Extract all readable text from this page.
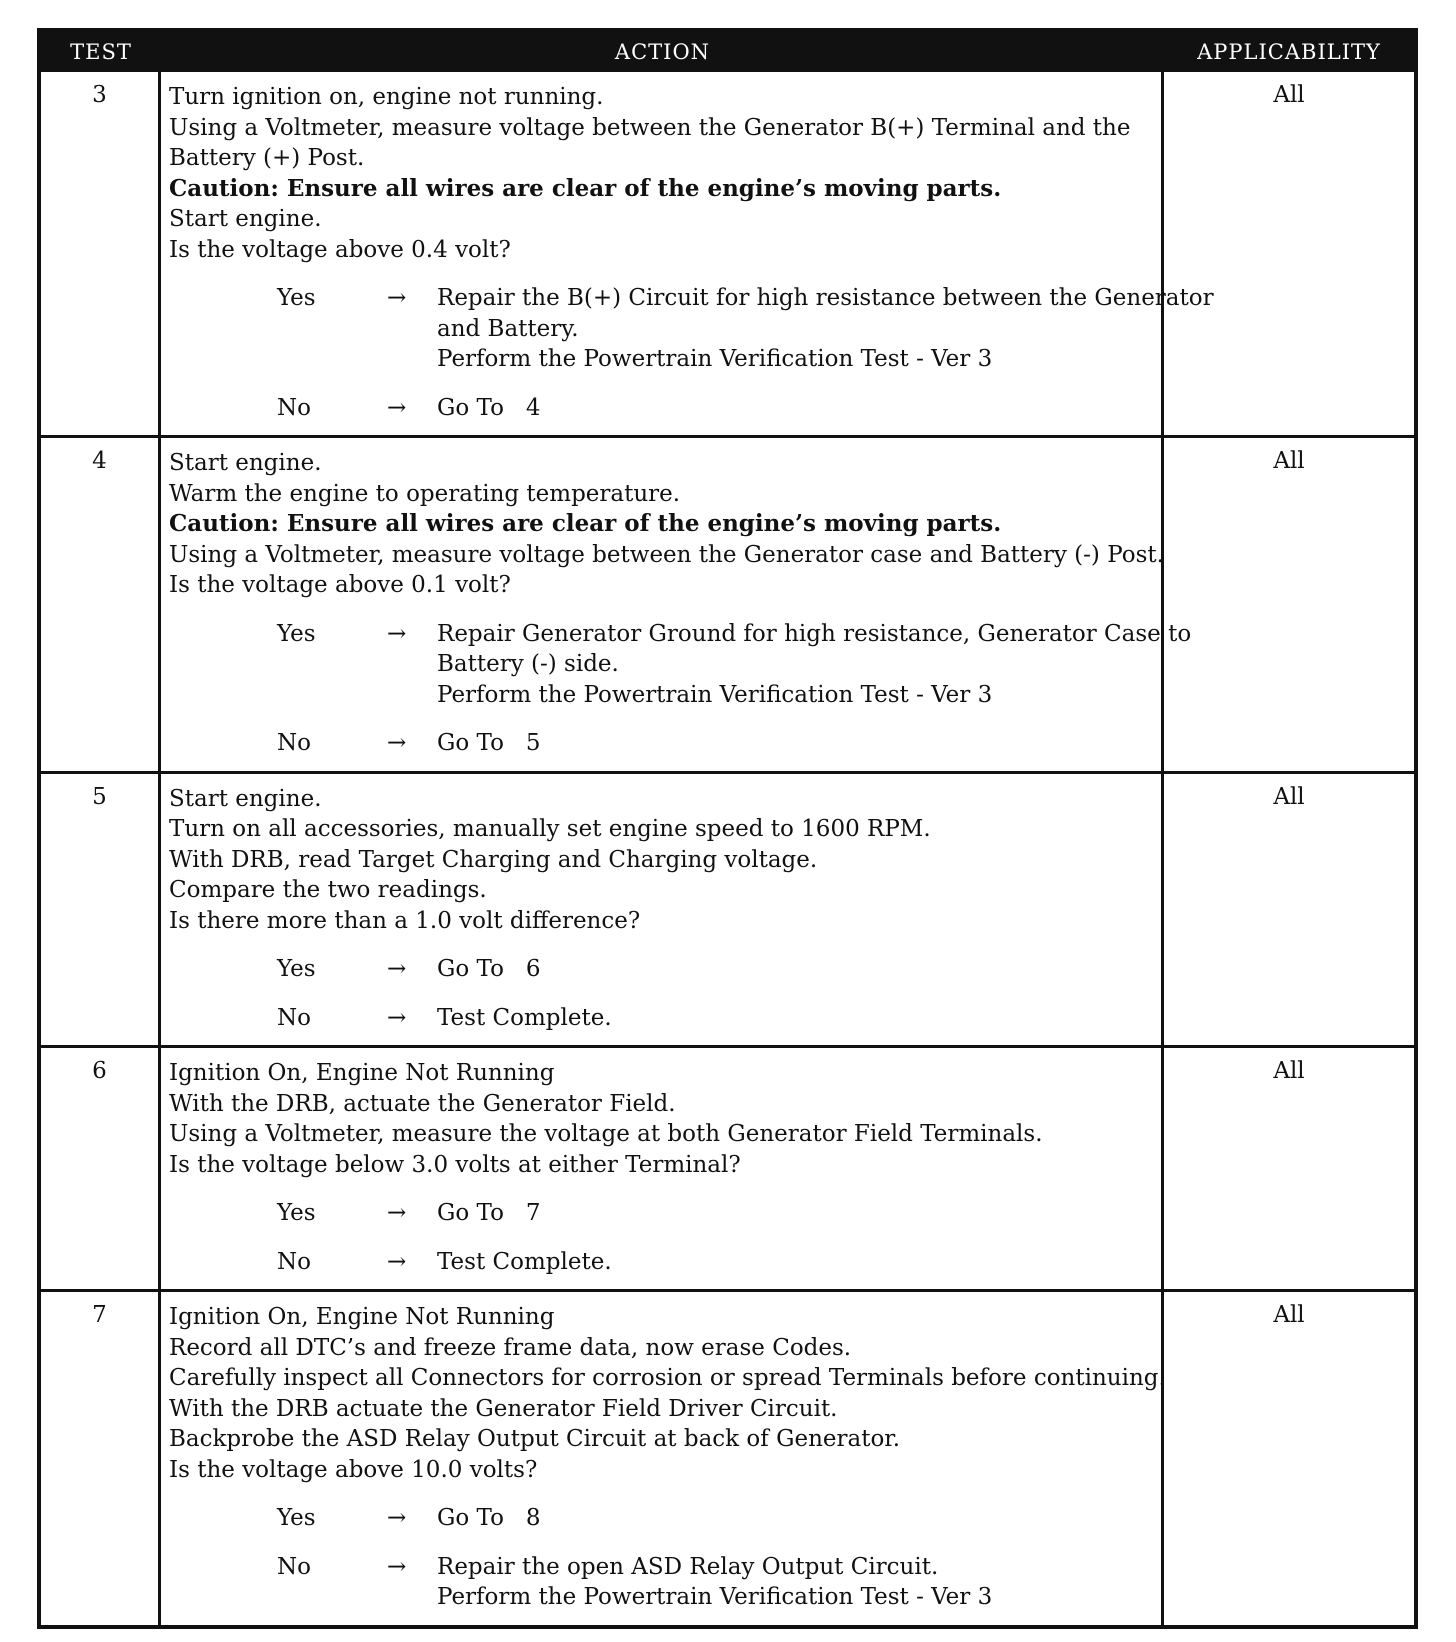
TEST	ACTION	APPLICABILITY
3	Turn ignition on, engine not running.
Using a Voltmeter, measure voltage between the Generator B(+) Terminal and the
Battery (+) Post.
Caution: Ensure all wires are clear of the engine’s moving parts.
Start engine.
Is the voltage above 0.4 volt?
Yes	→	Repair the B(+) Circuit for high resistance between the Generator
and Battery.
Perform the Powertrain Verification Test - Ver 3
No	→	Go To   4
All
4	Start engine.
Warm the engine to operating temperature.
Caution: Ensure all wires are clear of the engine’s moving parts.
Using a Voltmeter, measure voltage between the Generator case and Battery (-) Post.
Is the voltage above 0.1 volt?
Yes	→	Repair Generator Ground for high resistance, Generator Case to
Battery (-) side.
Perform the Powertrain Verification Test - Ver 3
No	→	Go To   5
All
5	Start engine.
Turn on all accessories, manually set engine speed to 1600 RPM.
With DRB, read Target Charging and Charging voltage.
Compare the two readings.
Is there more than a 1.0 volt difference?
Yes	→	Go To   6
No	→	Test Complete.
All
6	Ignition On, Engine Not Running
With the DRB, actuate the Generator Field.
Using a Voltmeter, measure the voltage at both Generator Field Terminals.
Is the voltage below 3.0 volts at either Terminal?
Yes	→	Go To   7
No	→	Test Complete.
All
7	Ignition On, Engine Not Running
Record all DTC’s and freeze frame data, now erase Codes.
Carefully inspect all Connectors for corrosion or spread Terminals before continuing.
With the DRB actuate the Generator Field Driver Circuit.
Backprobe the ASD Relay Output Circuit at back of Generator.
Is the voltage above 10.0 volts?
Yes	→	Go To   8
No	→	Repair the open ASD Relay Output Circuit.
Perform the Powertrain Verification Test - Ver 3
All
